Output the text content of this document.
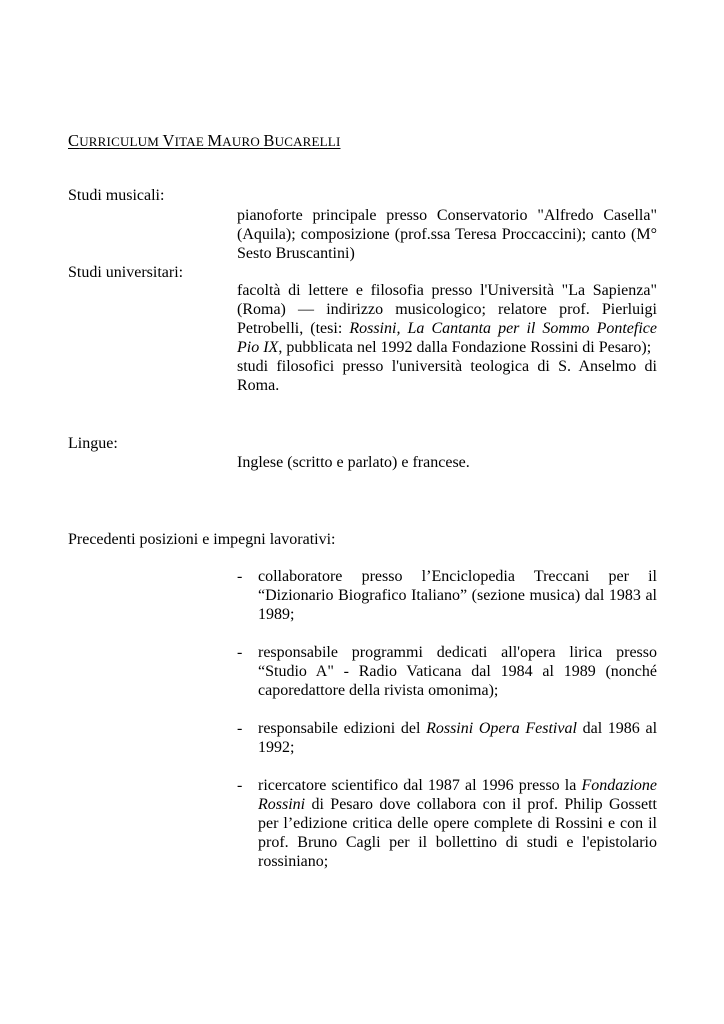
CURRICULUM VITAE MAURO BUCARELLI
Studi musicali:

pianoforte principale presso Conservatorio "Alfredo Casella" (Aquila); composizione (prof.ssa Teresa Proccaccini); canto (M° Sesto Bruscantini)

Studi universitari:

facoltà di lettere e filosofia presso l'Università "La Sapienza" (Roma) — indirizzo musicologico; relatore prof. Pierluigi Petrobelli, (tesi: Rossini, La Cantanta per il Sommo Pontefice Pio IX, pubblicata nel 1992 dalla Fondazione Rossini di Pesaro);

studi filosofici presso l'università teologica di S. Anselmo di Roma.

Lingue:

Inglese (scritto e parlato) e francese.

Precedenti posizioni e impegni lavorativi:
- collaboratore presso l’Enciclopedia Treccani per il “Dizionario Biografico Italiano” (sezione musica) dal 1983 al 1989;

- responsabile programmi dedicati all'opera lirica presso “Studio A" - Radio Vaticana dal 1984 al 1989 (nonché caporedattore della rivista omonima);

- responsabile edizioni del Rossini Opera Festival dal 1986 al 1992;

- ricercatore scientifico dal 1987 al 1996 presso la Fondazione Rossini di Pesaro dove collabora con il prof. Philip Gossett per l’edizione critica delle opere complete di Rossini e con il prof. Bruno Cagli per il bollettino di studi e l'epistolario rossiniano;
